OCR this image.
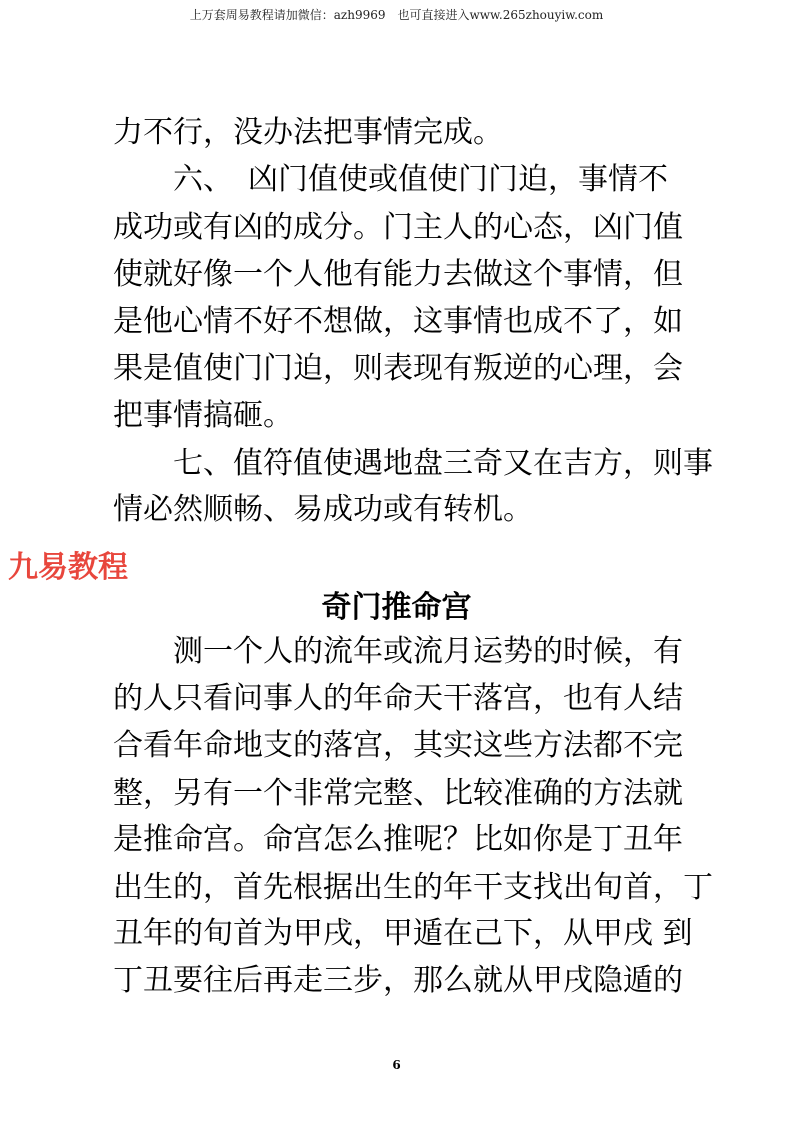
上万套周易教程请加微信：azh9969　也可直接进入www.265zhouyiw.com
力不行，没办法把事情完成。
　　六、　凶门值使或值使门门迫，事情不
成功或有凶的成分。门主人的心态，凶门值
使就好像一个人他有能力去做这个事情，但
是他心情不好不想做，这事情也成不了，如
果是值使门门迫，则表现有叛逆的心理，会
把事情搞砸。
　　七、值符值使遇地盘三奇又在吉方，则事
情必然顺畅、易成功或有转机。
九易教程
奇门推命宫
　　测一个人的流年或流月运势的时候，有
的人只看问事人的年命天干落宫，也有人结
合看年命地支的落宫，其实这些方法都不完
整，另有一个非常完整、比较准确的方法就
是推命宫。命宫怎么推呢？比如你是丁丑年
出生的，首先根据出生的年干支找出旬首，丁
丑年的旬首为甲戌，甲遁在己下，从甲戌 到
丁丑要往后再走三步，那么就从甲戌隐遁的
6
